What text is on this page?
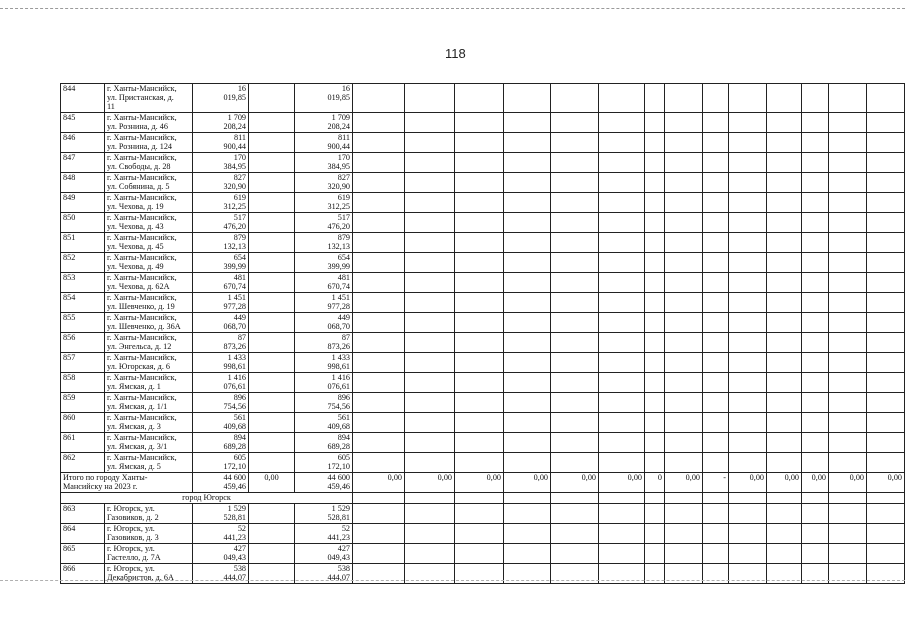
118
844	г. Ханты-Мансийск,
ул. Пристанская, д.
11	16
019,85		16
019,85														

845	г. Ханты-Мансийск,
ул. Рознина, д. 46	1 709
208,24		1 709
208,24														

846	г. Ханты-Мансийск,
ул. Рознина, д. 124	811
900,44		811
900,44														

847	г. Ханты-Мансийск,
ул. Свободы, д. 28	170
384,95		170
384,95														

848	г. Ханты-Мансийск,
ул. Собянина, д. 5	827
320,90		827
320,90														

849	г. Ханты-Мансийск,
ул. Чехова, д. 19	619
312,25		619
312,25														

850	г. Ханты-Мансийск,
ул. Чехова, д. 43	517
476,20		517
476,20														

851	г. Ханты-Мансийск,
ул. Чехова, д. 45	879
132,13		879
132,13														

852	г. Ханты-Мансийск,
ул. Чехова, д. 49	654
399,99		654
399,99														

853	г. Ханты-Мансийск,
ул. Чехова, д. 62А	481
670,74		481
670,74														

854	г. Ханты-Мансийск,
ул. Шевченко, д. 19	1 451
977,28		1 451
977,28														

855	г. Ханты-Мансийск,
ул. Шевченко, д. 36А	449
068,70		449
068,70														

856	г. Ханты-Мансийск,
ул. Энгельса, д. 12	87
873,26		87
873,26														

857	г. Ханты-Мансийск,
ул. Югорская, д. 6	1 433
998,61		1 433
998,61														

858	г. Ханты-Мансийск,
ул. Ямская, д. 1	1 416
076,61		1 416
076,61														

859	г. Ханты-Мансийск,
ул. Ямская, д. 1/1	896
754,56		896
754,56														

860	г. Ханты-Мансийск,
ул. Ямская, д. 3	561
409,68		561
409,68														

861	г. Ханты-Мансийск,
ул. Ямская, д. 3/1	894
689,28		894
689,28														

862	г. Ханты-Мансийск,
ул. Ямская, д. 5	605
172,10		605
172,10														

Итого по городу Ханты-
Мансийску на 2023 г.		44 600
459,46	0,00	44 600
459,46	0,00	0,00	0,00	0,00	0,00	0,00	0	0,00	-	0,00	0,00	0,00	0,00	0,00
город Югорск																		
863	г. Югорск, ул.
Газовиков, д. 2	1 529
528,81		1 529
528,81														

864	г. Югорск, ул.
Газовиков, д. 3	52
441,23		52
441,23														

865	г. Югорск, ул.
Гастелло, д. 7А	427
049,43		427
049,43														

866	г. Югорск, ул.
Декабристов, д. 6А	538
444,07		538
444,07														
